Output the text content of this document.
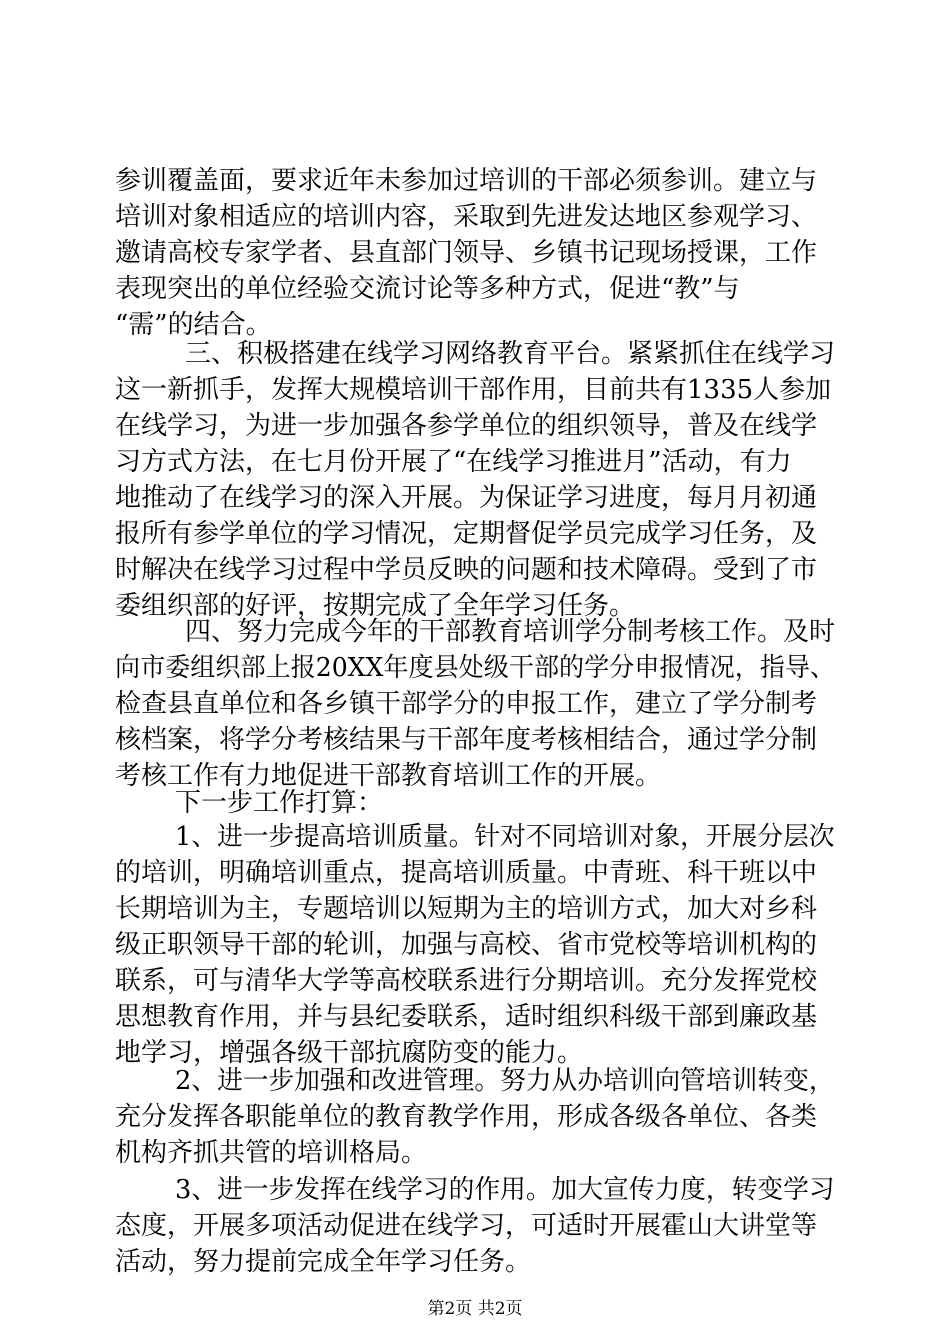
参训覆盖面，要求近年未参加过培训的干部必须参训。建立与
培训对象相适应的培训内容，采取到先进发达地区参观学习、
邀请高校专家学者、县直部门领导、乡镇书记现场授课，工作
表现突出的单位经验交流讨论等多种方式，促进“教”与
“需”的结合。
三、积极搭建在线学习网络教育平台。紧紧抓住在线学习
这一新抓手，发挥大规模培训干部作用，目前共有1335人参加
在线学习，为进一步加强各参学单位的组织领导，普及在线学
习方式方法，在七月份开展了“在线学习推进月”活动，有力
地推动了在线学习的深入开展。为保证学习进度，每月月初通
报所有参学单位的学习情况，定期督促学员完成学习任务，及
时解决在线学习过程中学员反映的问题和技术障碍。受到了市
委组织部的好评，按期完成了全年学习任务。
四、努力完成今年的干部教育培训学分制考核工作。及时
向市委组织部上报20XX年度县处级干部的学分申报情况，指导、
检查县直单位和各乡镇干部学分的申报工作，建立了学分制考
核档案，将学分考核结果与干部年度考核相结合，通过学分制
考核工作有力地促进干部教育培训工作的开展。
下一步工作打算：
1、进一步提高培训质量。针对不同培训对象，开展分层次
的培训，明确培训重点，提高培训质量。中青班、科干班以中
长期培训为主，专题培训以短期为主的培训方式，加大对乡科
级正职领导干部的轮训，加强与高校、省市党校等培训机构的
联系，可与清华大学等高校联系进行分期培训。充分发挥党校
思想教育作用，并与县纪委联系，适时组织科级干部到廉政基
地学习，增强各级干部抗腐防变的能力。
2、进一步加强和改进管理。努力从办培训向管培训转变，
充分发挥各职能单位的教育教学作用，形成各级各单位、各类
机构齐抓共管的培训格局。
3、进一步发挥在线学习的作用。加大宣传力度，转变学习
态度，开展多项活动促进在线学习，可适时开展霍山大讲堂等
活动，努力提前完成全年学习任务。
第2页 共2页
